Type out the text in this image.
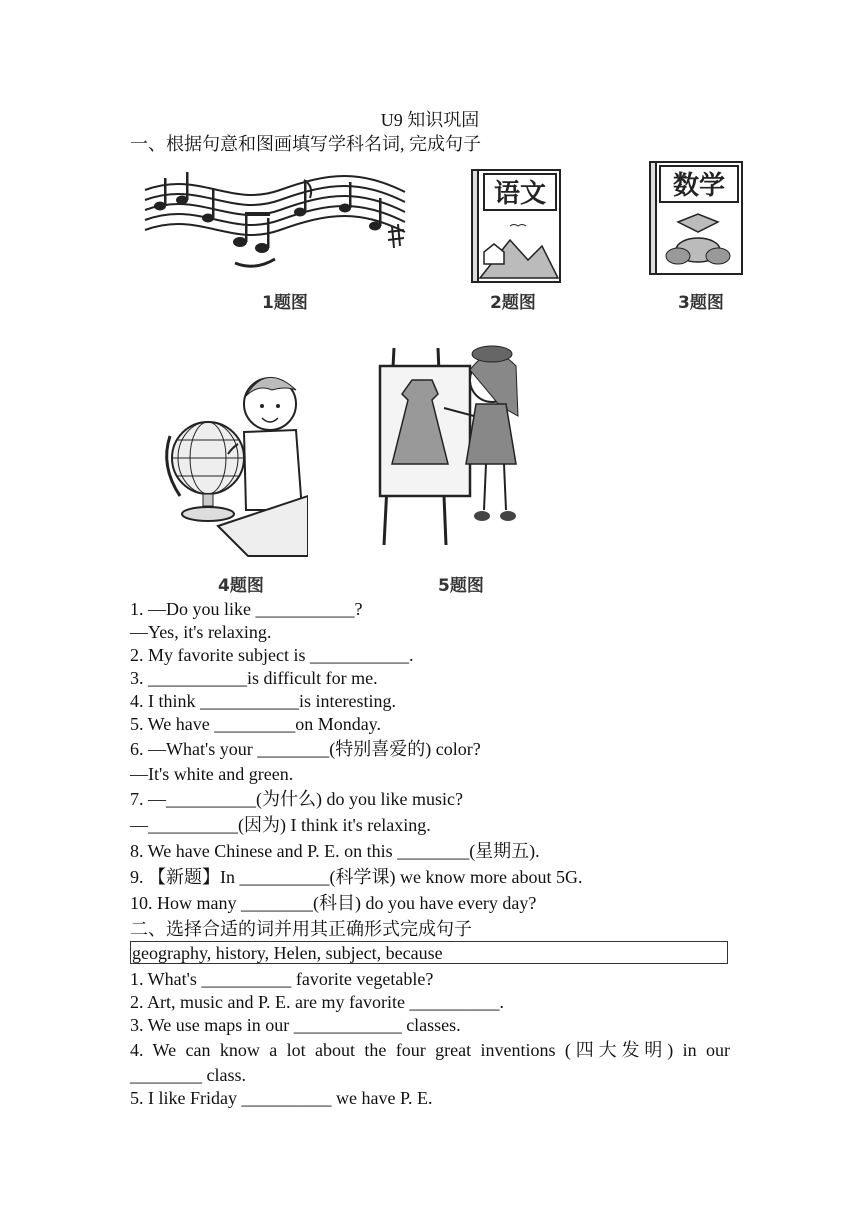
U9 知识巩固
一、根据句意和图画填写学科名词, 完成句子
1题图
语文
2题图
数学
3题图
4题图	5题图
1. —Do you like ___________?
—Yes, it's relaxing.
2. My favorite subject is ___________.
3. ___________is difficult for me.
4. I think ___________is interesting.
5. We have _________on Monday.
6. —What's your ________(特别喜爱的) color?
—It's white and green.
7. —__________(为什么) do you like music?
—__________(因为) I think it's relaxing.
8. We have Chinese and P. E. on this ________(星期五).
9. 【新题】In __________(科学课) we know more about 5G.
10. How many ________(科目) do you have every day?
二、选择合适的词并用其正确形式完成句子
geography, history, Helen, subject, because
1. What's __________ favorite vegetable?
2. Art, music and P. E. are my favorite __________.
3. We use maps in our ____________ classes.
4. We can know a lot about the four great inventions (四大发明) in our
________ class.
5. I like Friday __________ we have P. E.
